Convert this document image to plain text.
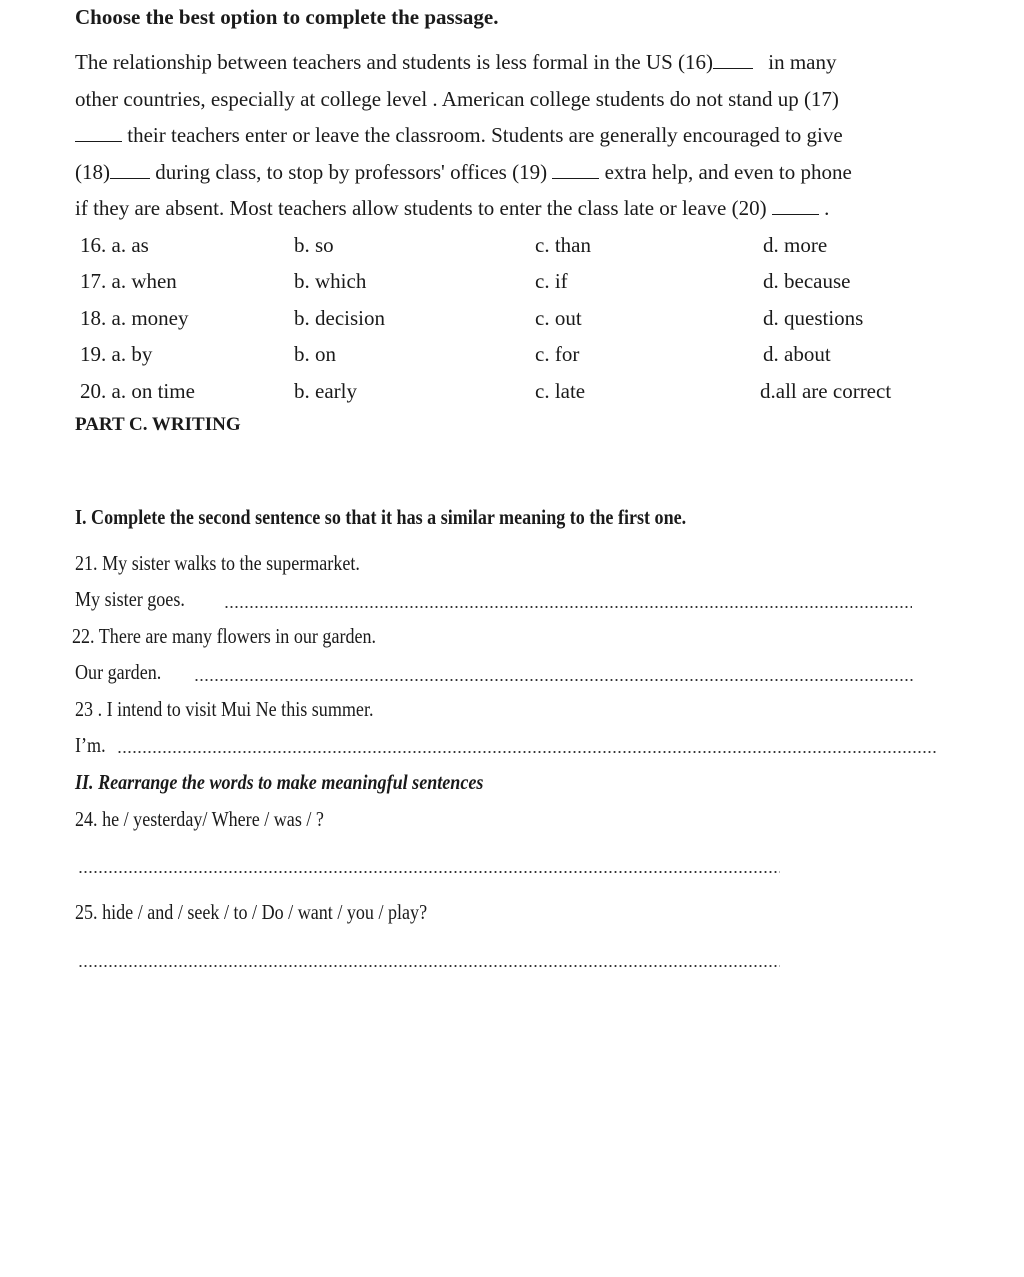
Choose the best option to complete the passage.
The relationship between teachers and students is less formal in the US (16) in many
other countries, especially at college level . American college students do not stand up (17)
their teachers enter or leave the classroom. Students are generally encouraged to give
(18) during class, to stop by professors' offices (19)  extra help, and even to phone
if they are absent. Most teachers allow students to enter the class late or leave (20)  .
16. a. as	b. so	c. than	d. more
17. a. when	b. which	c. if	d. because
18. a. money	b. decision	c. out	d. questions
19. a. by	b. on	c. for	d. about
20. a. on time	b. early	c. late	d.all are correct
PART C. WRITING
I. Complete the second sentence so that it has a similar meaning to the first one.
21. My sister walks to the supermarket.
My sister goes.
22. There are many flowers in our garden.
Our garden.
23 . I intend to visit Mui Ne this summer.
I’m.
II. Rearrange the words to make meaningful sentences
24. he / yesterday/ Where / was / ?
25. hide / and / seek / to / Do / want / you / play?
